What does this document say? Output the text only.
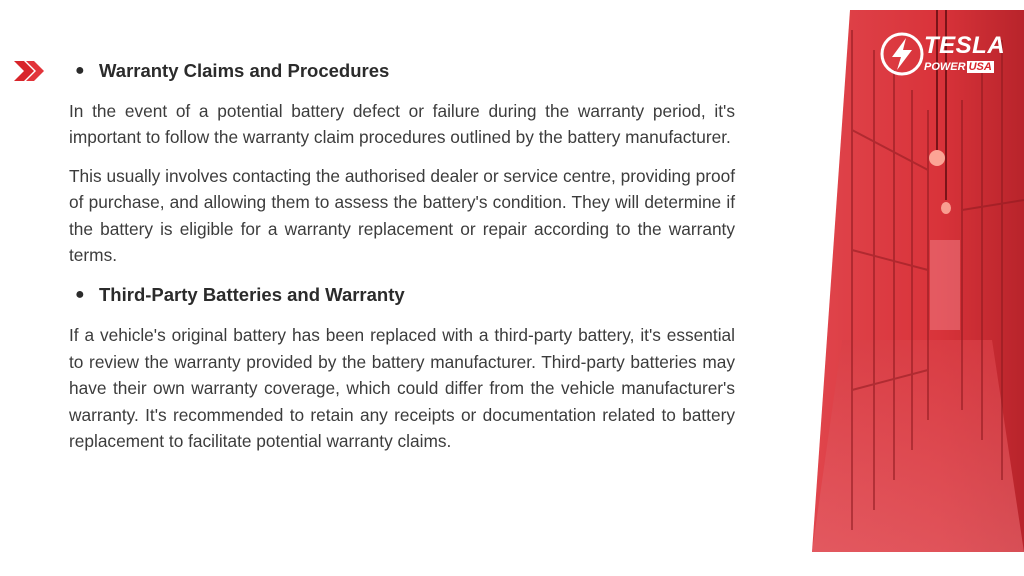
● Warranty Claims and Procedures

In the event of a potential battery defect or failure during the warranty period, it's important to follow the warranty claim procedures outlined by the battery manufacturer.

This usually involves contacting the authorised dealer or service centre, providing proof of purchase, and allowing them to assess the battery's condition. They will determine if the battery is eligible for a warranty replacement or repair according to the warranty terms.

● Third-Party Batteries and Warranty

If a vehicle's original battery has been replaced with a third-party battery, it's essential to review the warranty provided by the battery manufacturer. Third-party batteries may have their own warranty coverage, which could differ from the vehicle manufacturer's warranty. It's recommended to retain any receipts or documentation related to battery replacement to facilitate potential warranty claims.

TESLA
POWER USA
